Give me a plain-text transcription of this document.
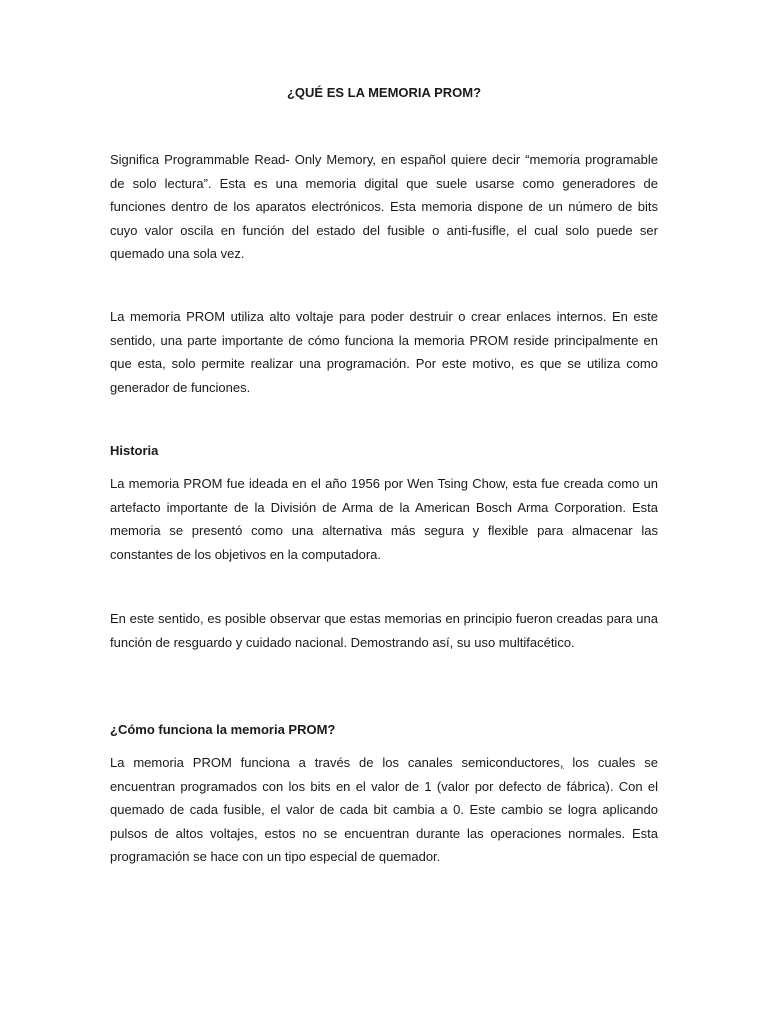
¿QUÉ ES LA MEMORIA PROM?

Significa Programmable Read- Only Memory, en español quiere decir “memoria programable de solo lectura”. Esta es una memoria digital que suele usarse como generadores de funciones dentro de los aparatos electrónicos. Esta memoria dispone de un número de bits cuyo valor oscila en función del estado del fusible o anti-fusifle, el cual solo puede ser quemado una sola vez.

La memoria PROM utiliza alto voltaje para poder destruir o crear enlaces internos. En este sentido, una parte importante de cómo funciona la memoria PROM reside principalmente en que esta, solo permite realizar una programación. Por este motivo, es que se utiliza como generador de funciones.

Historia

La memoria PROM fue ideada en el año 1956 por Wen Tsing Chow, esta fue creada como un artefacto importante de la División de Arma de la American Bosch Arma Corporation. Esta memoria se presentó como una alternativa más segura y flexible para almacenar las constantes de los objetivos en la computadora.

En este sentido, es posible observar que estas memorias en principio fueron creadas para una función de resguardo y cuidado nacional. Demostrando así, su uso multifacético.

¿Cómo funciona la memoria PROM?

La memoria PROM funciona a través de los canales semiconductores, los cuales se encuentran programados con los bits en el valor de 1 (valor por defecto de fábrica). Con el quemado de cada fusible, el valor de cada bit cambia a 0. Este cambio se logra aplicando pulsos de altos voltajes, estos no se encuentran durante las operaciones normales. Esta programación se hace con un tipo especial de quemador.
